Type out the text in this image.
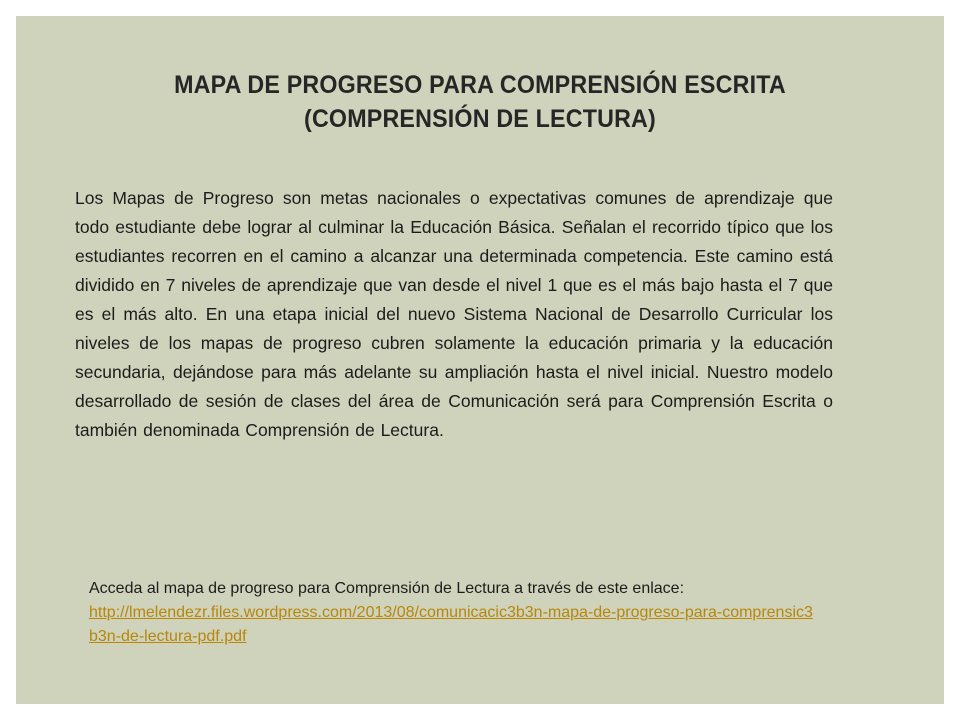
MAPA DE PROGRESO PARA COMPRENSIÓN ESCRITA
(COMPRENSIÓN DE LECTURA)

Los Mapas de Progreso son metas nacionales o expectativas comunes de aprendizaje que todo estudiante debe lograr al culminar la Educación Básica. Señalan el recorrido típico que los estudiantes recorren en el camino a alcanzar una determinada competencia. Este camino está dividido en 7 niveles de aprendizaje que van desde el nivel 1 que es el más bajo hasta el 7 que es el más alto. En una etapa inicial del nuevo Sistema Nacional de Desarrollo Curricular los niveles de los mapas de progreso cubren solamente la educación primaria y la educación secundaria, dejándose para más adelante su ampliación hasta el nivel inicial. Nuestro modelo desarrollado de sesión de clases del área de Comunicación será para Comprensión Escrita o también denominada Comprensión de Lectura.

Acceda al mapa de progreso para Comprensión de Lectura a través de este enlace:

http://lmelendezr.files.wordpress.com/2013/08/comunicacic3b3n-mapa-de-progreso-para-comprensic3b3n-de-lectura-pdf.pdf
